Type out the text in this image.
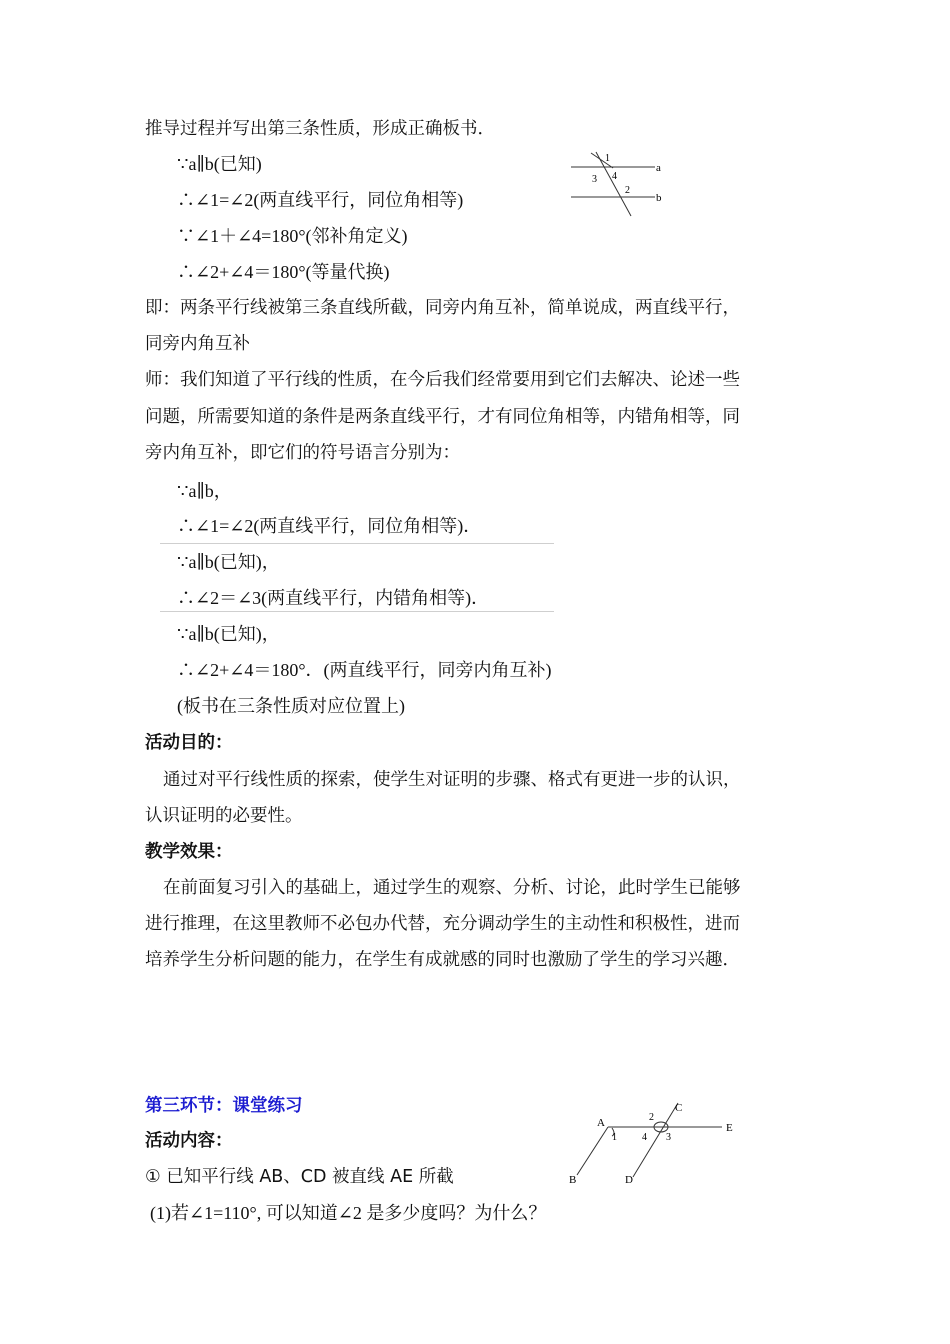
推导过程并写出第三条性质，形成正确板书．
∵a∥b(已知)
∴∠1=∠2(两直线平行，同位角相等)
∵∠1＋∠4=180°(邻补角定义)
∴∠2+∠4＝180°(等量代换)
a
b
1
3 4
2
即：两条平行线被第三条直线所截，同旁内角互补，简单说成，两直线平行，
同旁内角互补
师：我们知道了平行线的性质，在今后我们经常要用到它们去解决、论述一些
问题，所需要知道的条件是两条直线平行，才有同位角相等，内错角相等，同
旁内角互补，即它们的符号语言分别为：
∵a∥b，
∴∠1=∠2(两直线平行，同位角相等)．
∵a∥b(已知)，
∴∠2＝∠3(两直线平行，内错角相等)．
∵a∥b(已知)，
∴∠2+∠4＝180°．(两直线平行，同旁内角互补)
(板书在三条性质对应位置上)
活动目的：
通过对平行线性质的探索，使学生对证明的步骤、格式有更进一步的认识，
认识证明的必要性。
教学效果：
在前面复习引入的基础上，通过学生的观察、分析、讨论，此时学生已能够
进行推理，在这里教师不必包办代替，充分调动学生的主动性和积极性，进而
培养学生分析问题的能力，在学生有成就感的同时也激励了学生的学习兴趣．
第三环节：课堂练习
活动内容：
① 已知平行线 AB、CD 被直线 AE 所截
(1)若∠1=110°, 可以知道∠2 是多少度吗？为什么？
A
B
C
D
E
1
2
4 3
